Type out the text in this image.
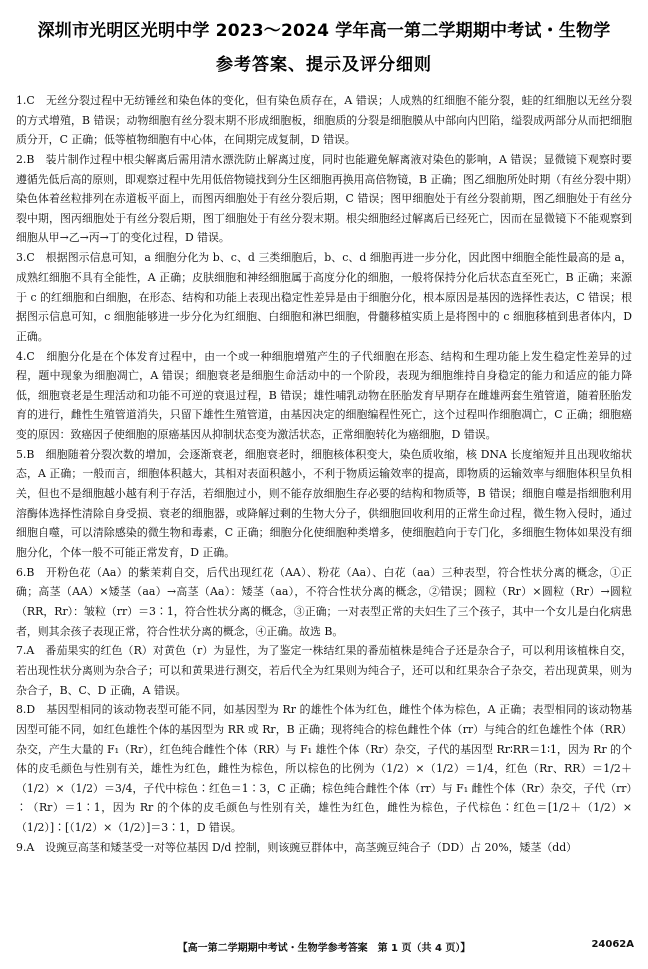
深圳市光明区光明中学 2023～2024 学年高一第二学期期中考试・生物学
参考答案、提示及评分细则
1.C　 无丝分裂过程中无纺锤丝和染色体的变化，但有染色质存在，A 错误；人成熟的红细胞不能分裂，蛙的红细胞以无丝分裂的方式增殖，B 错误；动物细胞有丝分裂末期不形成细胞板，细胞质的分裂是细胞膜从中部向内凹陷，缢裂成两部分从而把细胞质分开，C 正确；低等植物细胞有中心体，在间期完成复制，D 错误。
2.B　 装片制作过程中根尖解离后需用清水漂洗防止解离过度，同时也能避免解离液对染色的影响，A 错误；显微镜下观察时要遵循先低后高的原则，即观察过程中先用低倍物镜找到分生区细胞再换用高倍物镜，B 正确；图乙细胞所处时期（有丝分裂中期）染色体着丝粒排列在赤道板平面上，而图丙细胞处于有丝分裂后期，C 错误；图甲细胞处于有丝分裂前期，图乙细胞处于有丝分裂中期，图丙细胞处于有丝分裂后期，图丁细胞处于有丝分裂末期。根尖细胞经过解离后已经死亡，因而在显微镜下不能观察到细胞从甲→乙→丙→丁的变化过程，D 错误。
3.C　 根据图示信息可知，a 细胞分化为 b、c、d 三类细胞后，b、c、d 细胞再进一步分化，因此图中细胞全能性最高的是 a，成熟红细胞不具有全能性，A 正确；皮肤细胞和神经细胞属于高度分化的细胞，一般将保持分化后状态直至死亡，B 正确；来源于 c 的红细胞和白细胞，在形态、结构和功能上表现出稳定性差异是由于细胞分化，根本原因是基因的选择性表达，C 错误；根据图示信息可知，c 细胞能够进一步分化为红细胞、白细胞和淋巴细胞，骨髓移植实质上是将图中的 c 细胞移植到患者体内，D 正确。
4.C　 细胞分化是在个体发育过程中，由一个或一种细胞增殖产生的子代细胞在形态、结构和生理功能上发生稳定性差异的过程，题中现象为细胞凋亡，A 错误；细胞衰老是细胞生命活动中的一个阶段，表现为细胞维持自身稳定的能力和适应的能力降低，细胞衰老是生理活动和功能不可逆的衰退过程，B 错误；雄性哺乳动物在胚胎发育早期存在雌雄两套生殖管道，随着胚胎发育的进行，雌性生殖管道消失，只留下雄性生殖管道，由基因决定的细胞编程性死亡，这个过程叫作细胞凋亡，C 正确；细胞癌变的原因：致癌因子使细胞的原癌基因从抑制状态变为激活状态，正常细胞转化为癌细胞，D 错误。
5.B　 细胞随着分裂次数的增加，会逐渐衰老，细胞衰老时，细胞核体积变大，染色质收缩，核 DNA 长度缩短并且出现收缩状态，A 正确；一般而言，细胞体积越大，其相对表面积越小，不利于物质运输效率的提高，即物质的运输效率与细胞体积呈负相关，但也不是细胞越小越有利于存活，若细胞过小，则不能存放细胞生存必要的结构和物质等，B 错误；细胞自噬是指细胞利用溶酶体选择性清除自身受损、衰老的细胞器，或降解过剩的生物大分子，供细胞回收利用的正常生命过程，微生物入侵时，通过细胞自噬，可以清除感染的微生物和毒素，C 正确；细胞分化使细胞种类增多，使细胞趋向于专门化，多细胞生物体如果没有细胞分化，个体一般不可能正常发育，D 正确。
6.B　 开粉色花（Aa）的紫茉莉自交，后代出现红花（AA）、粉花（Aa）、白花（aa）三种表型，符合性状分离的概念，①正确；高茎（AA）×矮茎（aa）→高茎（Aa）：矮茎（aa），不符合性状分离的概念，②错误；圆粒（Rr）×圆粒（Rr）→圆粒（RR，Rr）：皱粒（rr）＝3∶1，符合性状分离的概念，③正确；一对表型正常的夫妇生了三个孩子，其中一个女儿是白化病患者，则其余孩子表现正常，符合性状分离的概念，④正确。故选 B。
7.A　 番茄果实的红色（R）对黄色（r）为显性，为了鉴定一株结红果的番茄植株是纯合子还是杂合子，可以利用该植株自交，若出现性状分离则为杂合子；可以和黄果进行测交，若后代全为红果则为纯合子，还可以和红果杂合子杂交，若出现黄果，则为杂合子，B、C、D 正确，A 错误。
8.D　 基因型相同的该动物表型可能不同，如基因型为 Rr 的雄性个体为红色，雌性个体为棕色，A 正确；表型相同的该动物基因型可能不同，如红色雄性个体的基因型为 RR 或 Rr，B 正确；现将纯合的棕色雌性个体（rr）与纯合的红色雄性个体（RR）杂交，产生大量的 F₁（Rr），红色纯合雌性个体（RR）与 F₁ 雄性个体（Rr）杂交，子代的基因型 Rr∶RR＝1∶1，因为 Rr 的个体的皮毛颜色与性别有关，雄性为红色，雌性为棕色，所以棕色的比例为（1/2）×（1/2）＝1/4，红色（Rr、RR）＝1/2＋（1/2）×（1/2）＝3/4，子代中棕色∶红色＝1∶3，C 正确；棕色纯合雌性个体（rr）与 F₁ 雌性个体（Rr）杂交，子代（rr）∶（Rr）＝1∶1，因为 Rr 的个体的皮毛颜色与性别有关，雄性为红色，雌性为棕色，子代棕色∶红色＝[1/2＋（1/2）×（1/2）]∶[（1/2）×（1/2）]＝3∶1，D 错误。
9.A　 设豌豆高茎和矮茎受一对等位基因 D/d 控制，则该豌豆群体中，高茎豌豆纯合子（DD）占 20%，矮茎（dd）
【高一第二学期期中考试・生物学参考答案　第 1 页（共 4 页）】	24062A
